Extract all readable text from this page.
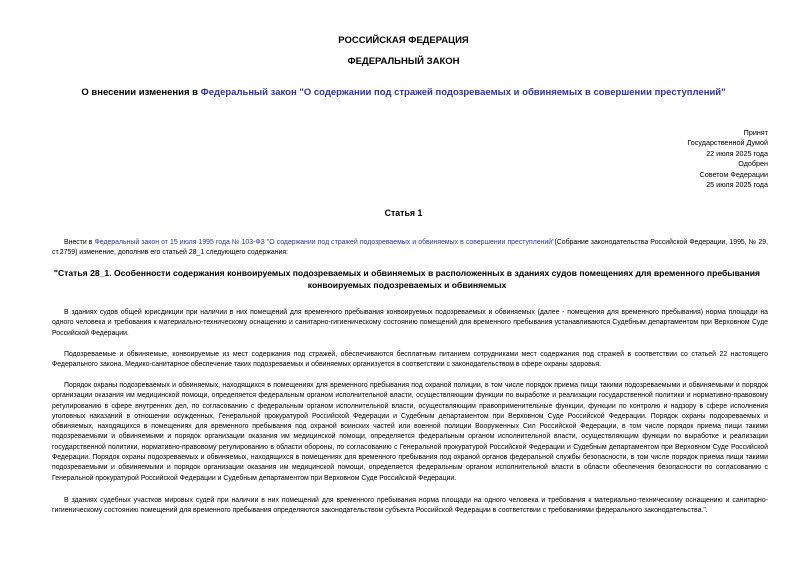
РОССИЙСКАЯ ФЕДЕРАЦИЯ
ФЕДЕРАЛЬНЫЙ ЗАКОН
О внесении изменения в Федеральный закон "О содержании под стражей подозреваемых и обвиняемых в совершении преступлений"
Принят
Государственной Думой
22 июля 2025 года
Одобрен
Советом Федерации
25 июля 2025 года
Статья 1
Внести в Федеральный закон от 15 июля 1995 года № 103-ФЗ "О содержании под стражей подозреваемых и обвиняемых в совершении преступлений"(Собрание законодательства Российской Федерации, 1995, № 29, ст.2759) изменение, дополнив его статьей 28_1 следующего содержания:
"Статья 28_1. Особенности содержания конвоируемых подозреваемых и обвиняемых в расположенных в зданиях судов помещениях для временного пребывания конвоируемых подозреваемых и обвиняемых
В зданиях судов общей юрисдикции при наличии в них помещений для временного пребывания конвоируемых подозреваемых и обвиняемых (далее - помещения для временного пребывания) норма площади на одного человека и требования к материально-техническому оснащению и санитарно-гигиеническому состоянию помещений для временного пребывания устанавливаются Судебным департаментом при Верховном Суде Российской Федерации.
Подозреваемые и обвиняемые, конвоируемые из мест содержания под стражей, обеспечиваются бесплатным питанием сотрудниками мест содержания под стражей в соответствии со статьей 22 настоящего Федерального закона. Медико-санитарное обеспечение таких подозреваемых и обвиняемых организуется в соответствии с законодательством в сфере охраны здоровья.
Порядок охраны подозреваемых и обвиняемых, находящихся в помещениях для временного пребывания под охраной полиции, в том числе порядок приема пищи такими подозреваемыми и обвиняемыми и порядок организации оказания им медицинской помощи, определяется федеральным органом исполнительной власти, осуществляющим функции по выработке и реализации государственной политики и нормативно-правовому регулированию в сфере внутренних дел, по согласованию с федеральным органом исполнительной власти, осуществляющим правоприменительные функции, функции по контролю и надзору в сфере исполнения уголовных наказаний в отношении осужденных, Генеральной прокуратурой Российской Федерации и Судебным департаментом при Верховном Суде Российской Федерации. Порядок охраны подозреваемых и обвиняемых, находящихся в помещениях для временного пребывания под охраной воинских частей или военной полиции Вооруженных Сил Российской Федерации, в том числе порядок приема пищи такими подозреваемыми и обвиняемыми и порядок организации оказания им медицинской помощи, определяется федеральным органом исполнительной власти, осуществляющим функции по выработке и реализации государственной политики, нормативно-правовому регулированию в области обороны, по согласованию с Генеральной прокуратурой Российской Федерации и Судебным департаментом при Верховном Суде Российской Федерации. Порядок охраны подозреваемых и обвиняемых, находящихся в помещениях для временного пребывания под охраной органов федеральной службы безопасности, в том числе порядок приема пищи такими подозреваемыми и обвиняемыми и порядок организации оказания им медицинской помощи, определяется федеральным органом исполнительной власти в области обеспечения безопасности по согласованию с Генеральной прокуратурой Российской Федерации и Судебным департаментом при Верховном Суде Российской Федерации.
В зданиях судебных участков мировых судей при наличии в них помещений для временного пребывания норма площади на одного человека и требования к материально-техническому оснащению и санитарно-гигиеническому состоянию помещений для временного пребывания определяются законодательством субъекта Российской Федерации в соответствии с требованиями федерального законодательства.".
